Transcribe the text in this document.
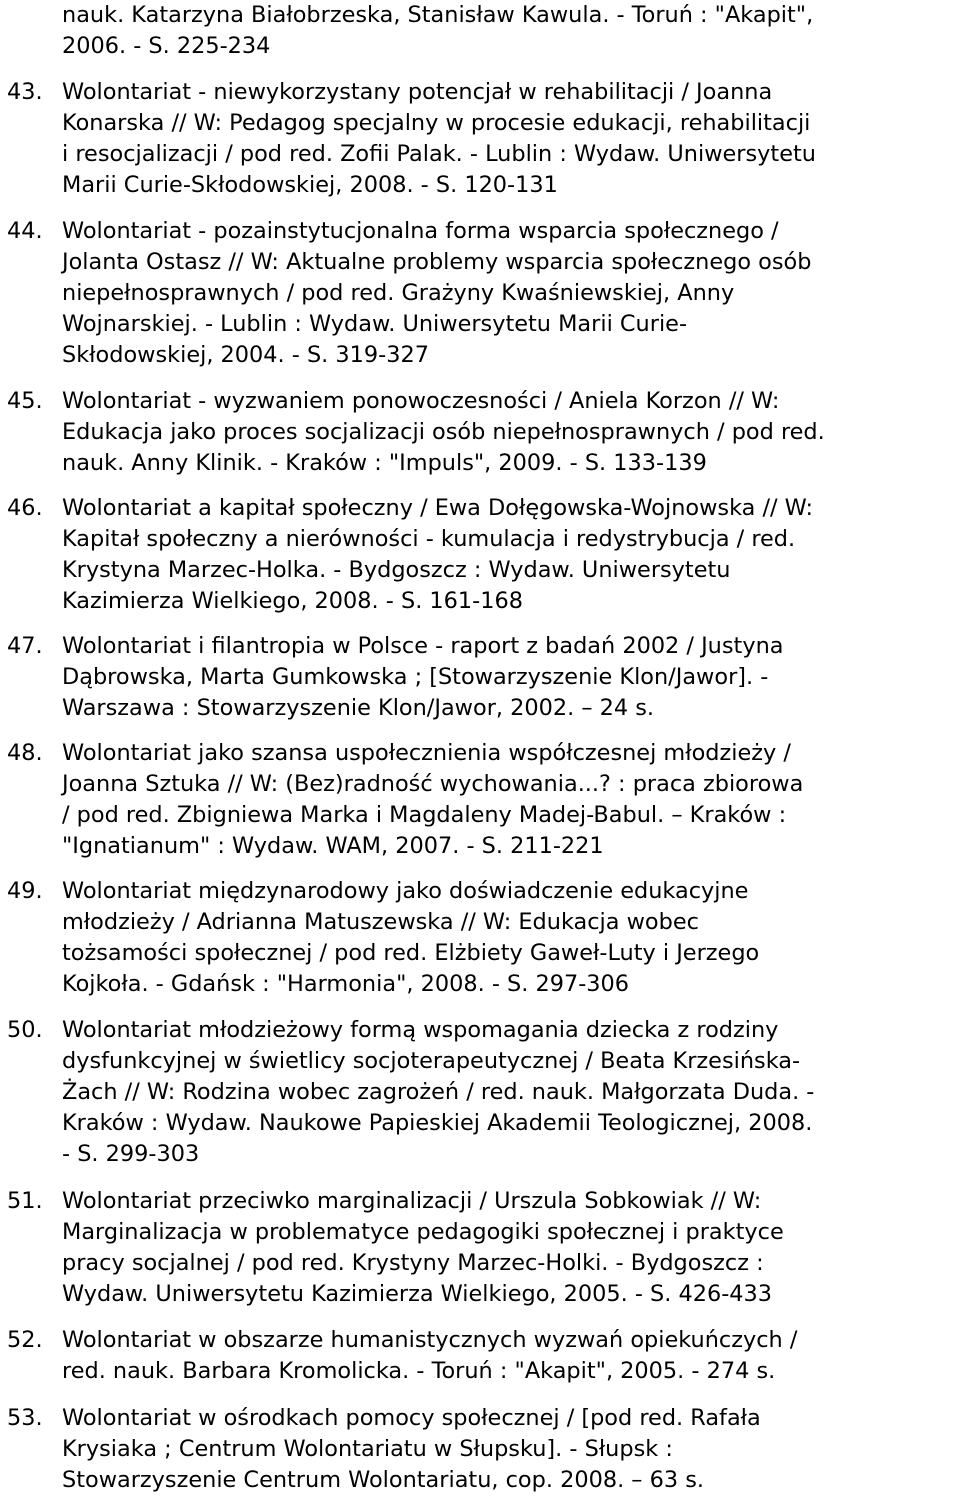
nauk. Katarzyna Białobrzeska, Stanisław Kawula. - Toruń : "Akapit",
2006. - S. 225-234
43. Wolontariat - niewykorzystany potencjał w rehabilitacji / Joanna
Konarska // W: Pedagog specjalny w procesie edukacji, rehabilitacji
i resocjalizacji / pod red. Zofii Palak. - Lublin : Wydaw. Uniwersytetu
Marii Curie-Skłodowskiej, 2008. - S. 120-131
44. Wolontariat - pozainstytucjonalna forma wsparcia społecznego /
Jolanta Ostasz // W: Aktualne problemy wsparcia społecznego osób
niepełnosprawnych / pod red. Grażyny Kwaśniewskiej, Anny
Wojnarskiej. - Lublin : Wydaw. Uniwersytetu Marii Curie-
Skłodowskiej, 2004. - S. 319-327
45. Wolontariat - wyzwaniem ponowoczesności / Aniela Korzon // W:
Edukacja jako proces socjalizacji osób niepełnosprawnych / pod red.
nauk. Anny Klinik. - Kraków : "Impuls", 2009. - S. 133-139
46. Wolontariat a kapitał społeczny / Ewa Dołęgowska-Wojnowska // W:
Kapitał społeczny a nierówności - kumulacja i redystrybucja / red.
Krystyna Marzec-Holka. - Bydgoszcz : Wydaw. Uniwersytetu
Kazimierza Wielkiego, 2008. - S. 161-168
47. Wolontariat i filantropia w Polsce - raport z badań 2002 / Justyna
Dąbrowska, Marta Gumkowska ; [Stowarzyszenie Klon/Jawor]. -
Warszawa : Stowarzyszenie Klon/Jawor, 2002. – 24 s.
48. Wolontariat jako szansa uspołecznienia współczesnej młodzieży /
Joanna Sztuka // W: (Bez)radność wychowania...? : praca zbiorowa
/ pod red. Zbigniewa Marka i Magdaleny Madej-Babul. – Kraków :
"Ignatianum" : Wydaw. WAM, 2007. - S. 211-221
49. Wolontariat międzynarodowy jako doświadczenie edukacyjne
młodzieży / Adrianna Matuszewska // W: Edukacja wobec
tożsamości społecznej / pod red. Elżbiety Gaweł-Luty i Jerzego
Kojkoła. - Gdańsk : "Harmonia", 2008. - S. 297-306
50. Wolontariat młodzieżowy formą wspomagania dziecka z rodziny
dysfunkcyjnej w świetlicy socjoterapeutycznej / Beata Krzesińska-
Żach // W: Rodzina wobec zagrożeń / red. nauk. Małgorzata Duda. -
Kraków : Wydaw. Naukowe Papieskiej Akademii Teologicznej, 2008.
- S. 299-303
51. Wolontariat przeciwko marginalizacji / Urszula Sobkowiak // W:
Marginalizacja w problematyce pedagogiki społecznej i praktyce
pracy socjalnej / pod red. Krystyny Marzec-Holki. - Bydgoszcz :
Wydaw. Uniwersytetu Kazimierza Wielkiego, 2005. - S. 426-433
52. Wolontariat w obszarze humanistycznych wyzwań opiekuńczych /
red. nauk. Barbara Kromolicka. - Toruń : "Akapit", 2005. - 274 s.
53. Wolontariat w ośrodkach pomocy społecznej / [pod red. Rafała
Krysiaka ; Centrum Wolontariatu w Słupsku]. - Słupsk :
Stowarzyszenie Centrum Wolontariatu, cop. 2008. – 63 s.
